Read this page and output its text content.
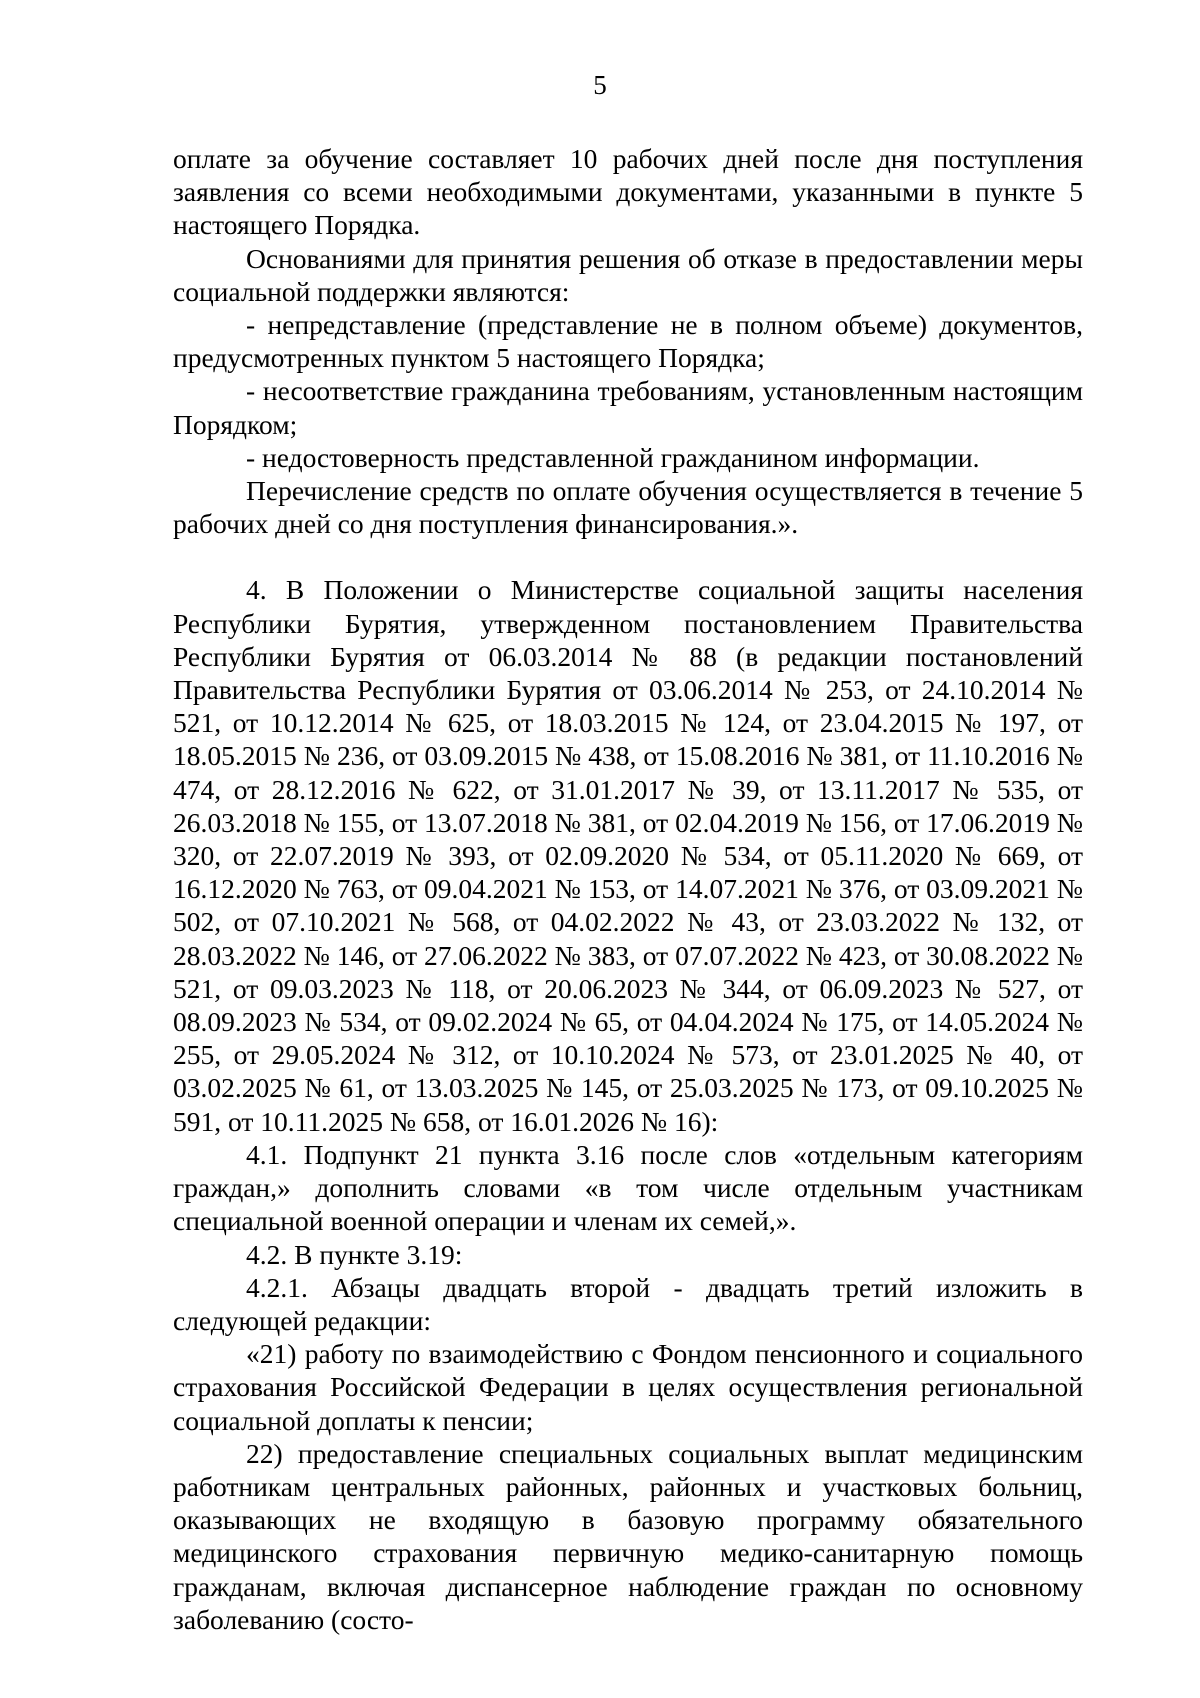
5

оплате за обучение составляет 10 рабочих дней после дня поступления заявления со всеми необходимыми документами, указанными в пункте 5 настоящего Порядка.

Основаниями для принятия решения об отказе в предоставлении меры социальной поддержки являются:

- непредставление (представление не в полном объеме) документов, предусмотренных пунктом 5 настоящего Порядка;

- несоответствие гражданина требованиям, установленным настоящим Порядком;

- недостоверность представленной гражданином информации.

Перечисление средств по оплате обучения осуществляется в течение 5 рабочих дней со дня поступления финансирования.».

4. В Положении о Министерстве социальной защиты населения Республики Бурятия, утвержденном постановлением Правительства Республики Бурятия от 06.03.2014 № 88 (в редакции постановлений Правительства Республики Бурятия от 03.06.2014 № 253, от 24.10.2014 № 521, от 10.12.2014 № 625, от 18.03.2015 № 124, от 23.04.2015 № 197, от 18.05.2015 № 236, от 03.09.2015 № 438, от 15.08.2016 № 381, от 11.10.2016 № 474, от 28.12.2016 № 622, от 31.01.2017 № 39, от 13.11.2017 № 535, от 26.03.2018 № 155, от 13.07.2018 № 381, от 02.04.2019 № 156, от 17.06.2019 № 320, от 22.07.2019 № 393, от 02.09.2020 № 534, от 05.11.2020 № 669, от 16.12.2020 № 763, от 09.04.2021 № 153, от 14.07.2021 № 376, от 03.09.2021 № 502, от 07.10.2021 № 568, от 04.02.2022 № 43, от 23.03.2022 № 132, от 28.03.2022 № 146, от 27.06.2022 № 383, от 07.07.2022 № 423, от 30.08.2022 № 521, от 09.03.2023 № 118, от 20.06.2023 № 344, от 06.09.2023 № 527, от 08.09.2023 № 534, от 09.02.2024 № 65, от 04.04.2024 № 175, от 14.05.2024 № 255, от 29.05.2024 № 312, от 10.10.2024 № 573, от 23.01.2025 № 40, от 03.02.2025 № 61, от 13.03.2025 № 145, от 25.03.2025 № 173, от 09.10.2025 № 591, от 10.11.2025 № 658, от 16.01.2026 № 16):

4.1. Подпункт 21 пункта 3.16 после слов «отдельным категориям граждан,» дополнить словами «в том числе отдельным участникам специальной военной операции и членам их семей,».

4.2. В пункте 3.19:

4.2.1. Абзацы двадцать второй - двадцать третий изложить в следующей редакции:

«21) работу по взаимодействию с Фондом пенсионного и социального страхования Российской Федерации в целях осуществления региональной социальной доплаты к пенсии;

22) предоставление специальных социальных выплат медицинским работникам центральных районных, районных и участковых больниц, оказывающих не входящую в базовую программу обязательного медицинского страхования первичную медико-санитарную помощь гражданам, включая диспансерное наблюдение граждан по основному заболеванию (состо-
